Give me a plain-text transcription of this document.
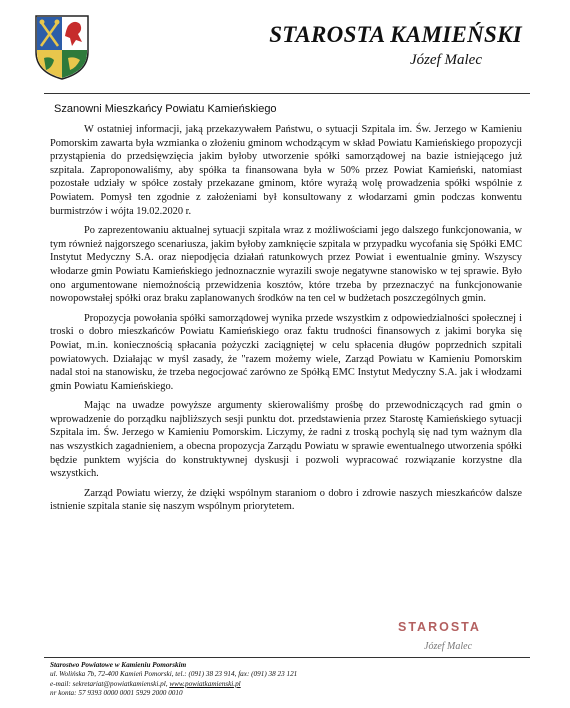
STAROSTA KAMIEŃSKI
Józef Malec
Szanowni Mieszkańcy Powiatu Kamieńskiego

W ostatniej informacji, jaką przekazywałem Państwu, o sytuacji Szpitala im. Św. Jerzego w Kamieniu Pomorskim zawarta była wzmianka o złożeniu gminom wchodzącym w skład Powiatu Kamieńskiego propozycji przystąpienia do przedsięwzięcia jakim byłoby utworzenie spółki samorządowej na bazie istniejącego już szpitala. Zaproponowaliśmy, aby spółka ta finansowana była w 50% przez Powiat Kamieński, natomiast pozostałe udziały w spółce zostały przekazane gminom, które wyrażą wolę prowadzenia spółki wspólnie z Powiatem. Pomysł ten zgodnie z założeniami był konsultowany z włodarzami gmin podczas konwentu burmistrzów i wójta 19.02.2020 r.

Po zaprezentowaniu aktualnej sytuacji szpitala wraz z możliwościami jego dalszego funkcjonowania, w tym również najgorszego scenariusza, jakim byłoby zamknięcie szpitala w przypadku wycofania się Spółki EMC Instytut Medyczny S.A. oraz niepodjęcia działań ratunkowych przez Powiat i ewentualnie gminy. Wszyscy włodarze gmin Powiatu Kamieńskiego jednoznacznie wyrazili swoje negatywne stanowisko w tej sprawie. Było ono argumentowane niemożnością przewidzenia kosztów, które trzeba by przeznaczyć na funkcjonowanie nowopowstałej spółki oraz braku zaplanowanych środków na ten cel w budżetach poszczególnych gmin.

Propozycja powołania spółki samorządowej wynika przede wszystkim z odpowiedzialności społecznej i troski o dobro mieszkańców Powiatu Kamieńskiego oraz faktu trudności finansowych z jakimi boryka się Powiat, m.in. koniecznością spłacania pożyczki zaciągniętej w celu spłacenia długów poprzednich szpitali powiatowych. Działając w myśl zasady, że "razem możemy wiele, Zarząd Powiatu w Kamieniu Pomorskim nadal stoi na stanowisku, że trzeba negocjować zarówno ze Spółką EMC Instytut Medyczny S.A. jak i włodzami gmin Powiatu Kamieńskiego.

Mając na uwadze powyższe argumenty skierowaliśmy prośbę do przewodniczących rad gmin o wprowadzenie do porządku najbliższych sesji punktu dot. przedstawienia przez Starostę Kamieńskiego sytuacji Szpitala im. Św. Jerzego w Kamieniu Pomorskim. Liczymy, że radni z troską pochylą się nad tym ważnym dla nas wszystkich zagadnieniem, a obecna propozycja Zarządu Powiatu w sprawie ewentualnego utworzenia spółki będzie punktem wyjścia do konstruktywnej dyskusji i pozwoli wypracować rozwiązanie korzystne dla wszystkich.

Zarząd Powiatu wierzy, że dzięki wspólnym staraniom o dobro i zdrowie naszych mieszkańców dalsze istnienie szpitala stanie się naszym wspólnym priorytetem.

STAROSTA
Józef Malec
Starostwo Powiatowe w Kamieniu Pomorskim
ul. Wolińska 7b, 72-400 Kamień Pomorski, tel.: (091) 38 23 914, fax: (091) 38 23 121
e-mail: sekretariat@powiatkamienski.pl, www.powiatkamienski.pl
nr konta: 57 9393 0000 0001 5929 2000 0010
